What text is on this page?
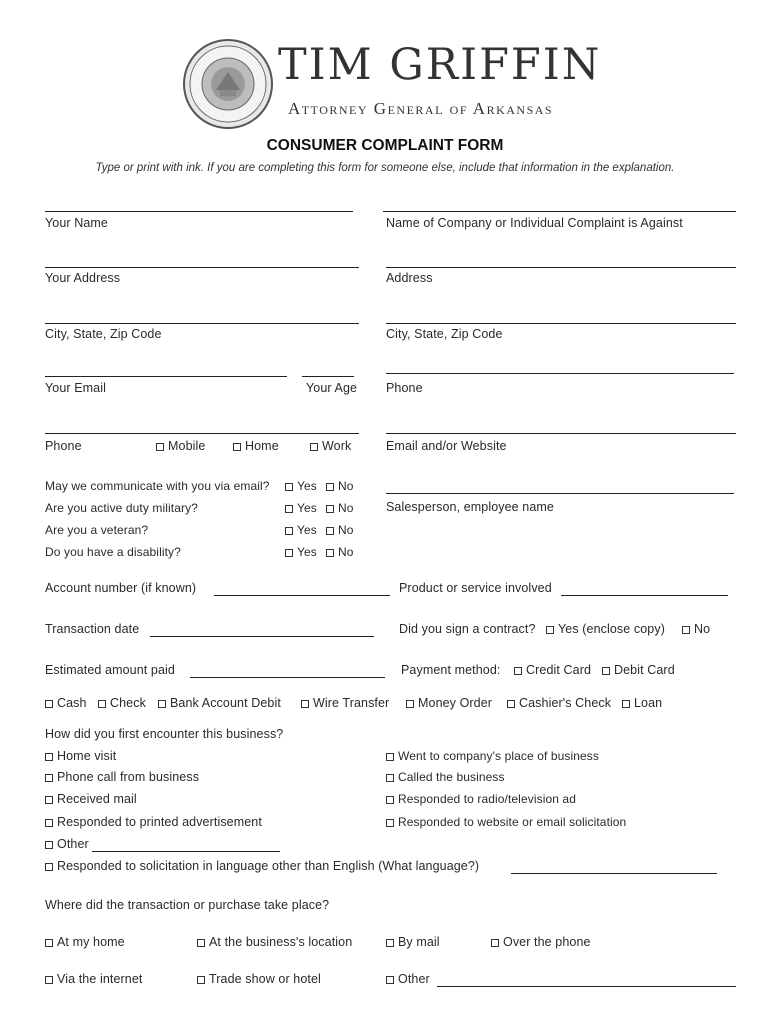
TIM GRIFFIN
Attorney General of Arkansas
CONSUMER COMPLAINT FORM
Type or print with ink. If you are completing this form for someone else, include that information in the explanation.
Your Name
Your Address
City, State, Zip Code
Your Email	Your Age
Phone	Mobile	Home	Work
May we communicate with you via email?	Yes	No
Are you active duty military?	Yes	No
Are you a veteran?	Yes	No
Do you have a disability?	Yes	No
Name of Company or Individual Complaint is Against
Address
City, State, Zip Code
Phone
Email and/or Website
Salesperson, employee name
Account number (if known)	Product or service involved
Transaction date	Did you sign a contract?	Yes (enclose copy)	No
Estimated amount paid	Payment method:	Credit Card	Debit Card
Cash	Check	Bank Account Debit	Wire Transfer	Money Order	Cashier's Check	Loan
How did you first encounter this business?
Home visit
Phone call from business
Received mail
Responded to printed advertisement
Went to company's place of business
Called the business
Responded to radio/television ad
Responded to website or email solicitation
Other
Responded to solicitation in language other than English (What language?)
Where did the transaction or purchase take place?
At my home	At the business's location	By mail	Over the phone
Via the internet	Trade show or hotel	Other
